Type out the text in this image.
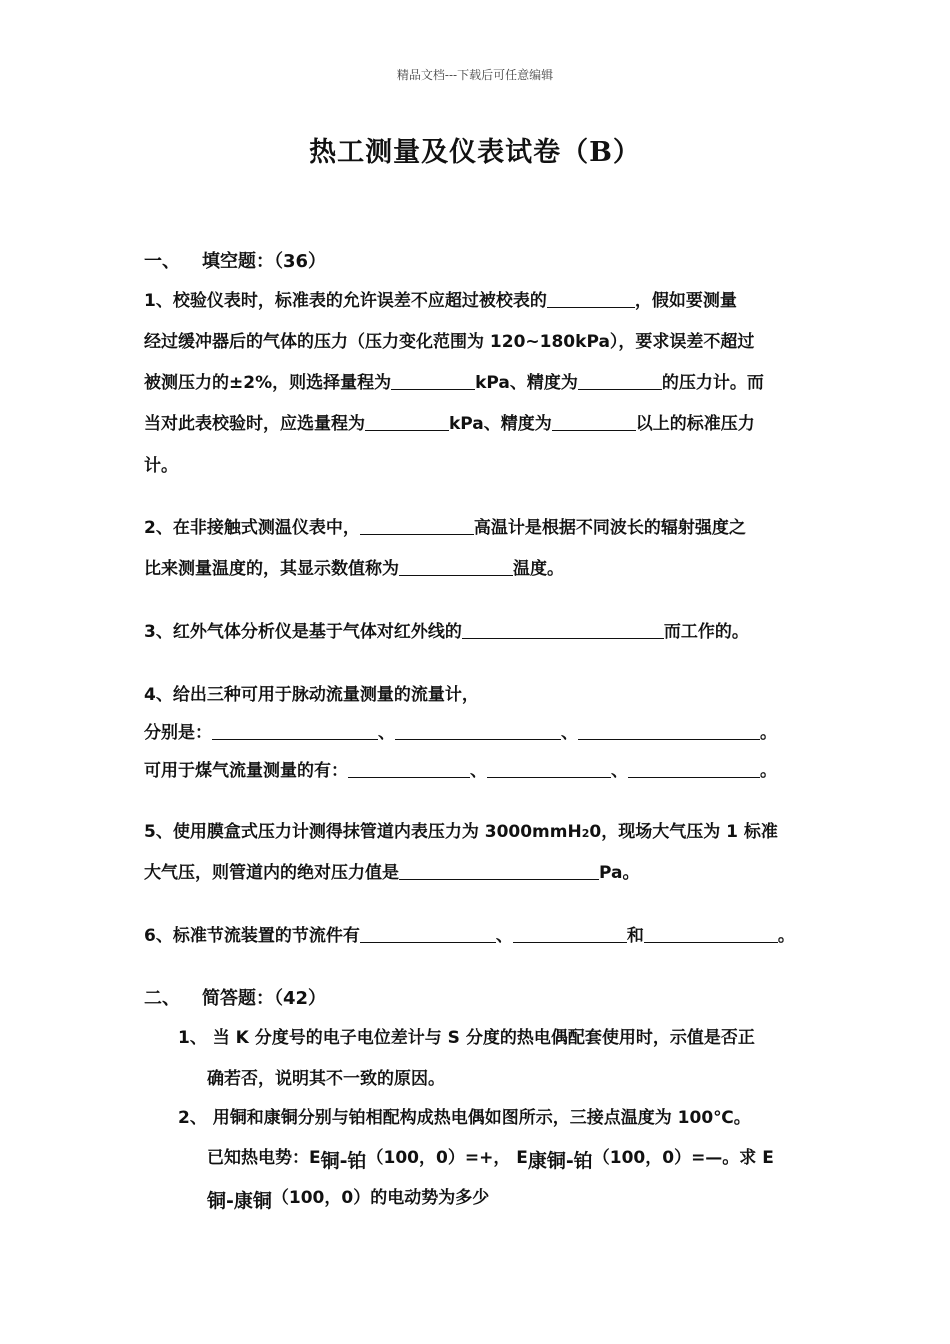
精品文档---下载后可任意编辑
热工测量及仪表试卷（B）
一、 填空题：（36）
1、校验仪表时，标准表的允许误差不应超过被校表的	，假如要测量
经过缓冲器后的气体的压力（压力变化范围为 120~180kPa），要求误差不超过
被测压力的±2%，则选择量程为	kPa、精度为	的压力计。而
当对此表校验时，应选量程为	kPa、精度为	以上的标准压力
计。
2、在非接触式测温仪表中，	高温计是根据不同波长的辐射强度之
比来测量温度的，其显示数值称为	温度。
3、红外气体分析仪是基于气体对红外线的	而工作的。
4、给出三种可用于脉动流量测量的流量计，
分别是：	、	、	。
可用于煤气流量测量的有：	、	、	。
5、使用膜盒式压力计测得抹管道内表压力为 3000mmH20，现场大气压为 1 标准
大气压，则管道内的绝对压力值是	Pa。
6、标准节流装置的节流件有	、	和	。
二、 简答题：（42）
1、 当 K 分度号的电子电位差计与 S 分度的热电偶配套使用时，示值是否正
确若否，说明其不一致的原因。
2、 用铜和康铜分别与铂相配构成热电偶如图所示，三接点温度为 100℃。
已知热电势：E铜-铂（100，0）=+， E康铜-铂（100，0）=—。求 E
铜-康铜（100，0）的电动势为多少
